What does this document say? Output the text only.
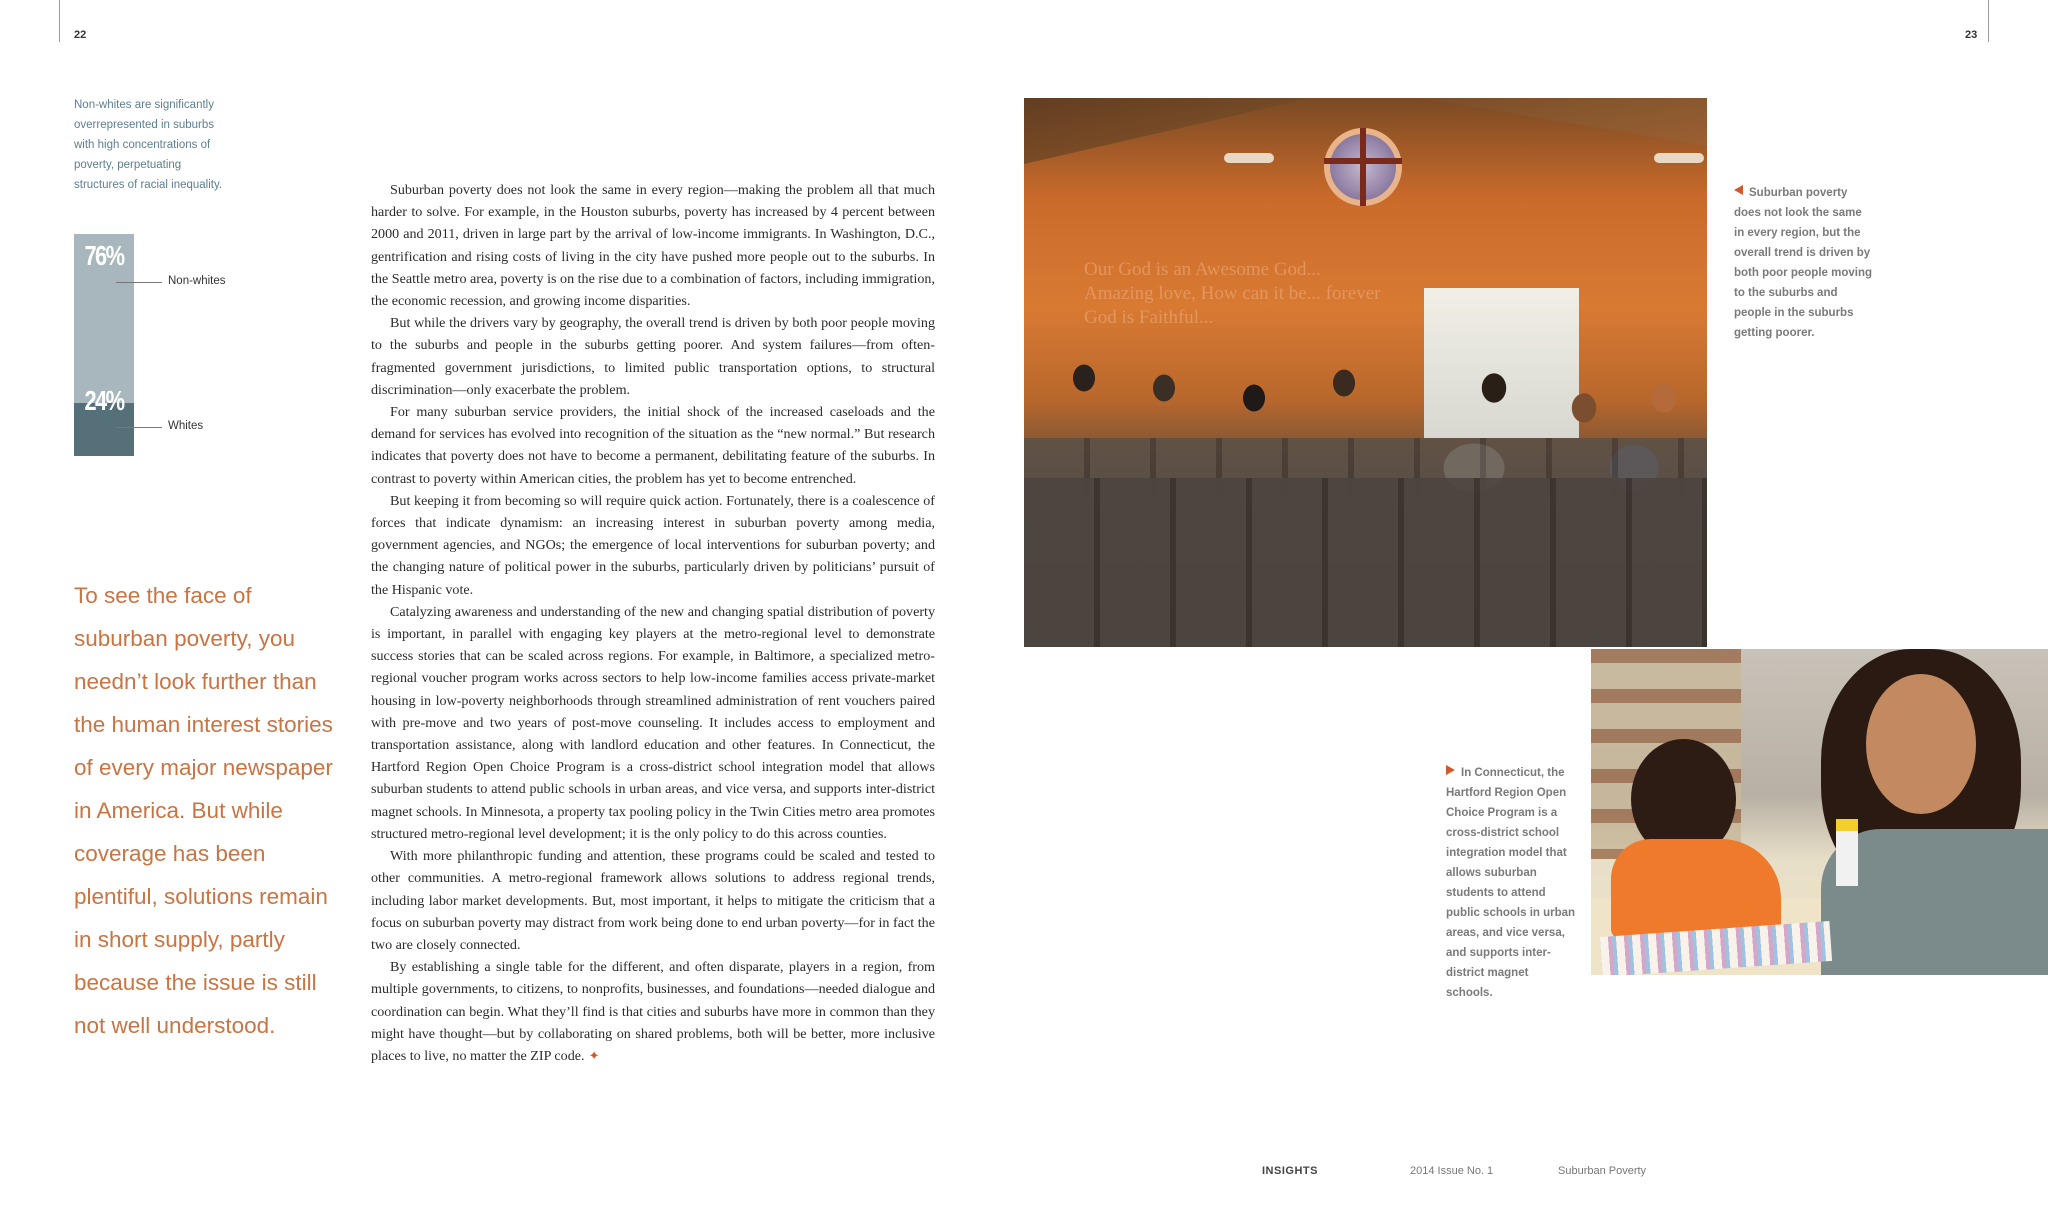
22	23
Non-whites are significantly overrepresented in suburbs with high concentrations of poverty, perpetuating structures of racial inequality.
76%
24%
Non-whites
Whites
To see the face of suburban poverty, you needn’t look further than the human interest stories of every major newspaper in America. But while coverage has been plentiful, solutions remain in short supply, partly because the issue is still not well understood.

Suburban poverty does not look the same in every region—making the problem all that much harder to solve. For example, in the Houston suburbs, poverty has increased by 4 percent between 2000 and 2011, driven in large part by the arrival of low-income immigrants. In Washington, D.C., gentrification and rising costs of living in the city have pushed more people out to the suburbs. In the Seattle metro area, poverty is on the rise due to a combination of factors, including immigration, the economic recession, and growing income disparities.

But while the drivers vary by geography, the overall trend is driven by both poor people moving to the suburbs and people in the suburbs getting poorer. And system failures—from often-fragmented government jurisdictions, to limited public transportation options, to structural discrimination—only exacerbate the problem.

For many suburban service providers, the initial shock of the increased caseloads and the demand for services has evolved into recognition of the situation as the “new normal.” But research indicates that poverty does not have to become a permanent, debilitating feature of the suburbs. In contrast to poverty within American cities, the problem has yet to become entrenched.

But keeping it from becoming so will require quick action. Fortunately, there is a coalescence of forces that indicate dynamism: an increasing interest in suburban poverty among media, government agencies, and NGOs; the emergence of local interventions for suburban poverty; and the changing nature of political power in the suburbs, particularly driven by politicians’ pursuit of the Hispanic vote.

Catalyzing awareness and understanding of the new and changing spatial distribution of poverty is important, in parallel with engaging key players at the metro-regional level to demonstrate success stories that can be scaled across regions. For example, in Baltimore, a specialized metro-regional voucher program works across sectors to help low-income families access private-market housing in low-poverty neighborhoods through streamlined administration of rent vouchers paired with pre-move and two years of post-move counseling. It includes access to employment and transportation assistance, along with landlord education and other features. In Connecticut, the Hartford Region Open Choice Program is a cross-district school integration model that allows suburban students to attend public schools in urban areas, and vice versa, and supports inter-district magnet schools. In Minnesota, a property tax pooling policy in the Twin Cities metro area promotes structured metro-regional level development; it is the only policy to do this across counties.

With more philanthropic funding and attention, these programs could be scaled and tested to other communities. A metro-regional framework allows solutions to address regional trends, including labor market developments. But, most important, it helps to mitigate the criticism that a focus on suburban poverty may distract from work being done to end urban poverty—for in fact the two are closely connected.

By establishing a single table for the different, and often disparate, players in a region, from multiple governments, to citizens, to nonprofits, businesses, and foundations—needed dialogue and coordination can begin. What they’ll find is that cities and suburbs have more in common than they might have thought—but by collaborating on shared problems, both will be better, more inclusive places to live, no matter the ZIP code. ✦

Our God is an Awesome God... Amazing love, How can it be... forever God is Faithful...
Suburban poverty does not look the same in every region, but the overall trend is driven by both poor people moving to the suburbs and people in the suburbs getting poorer.
In Connecticut, the Hartford Region Open Choice Program is a cross-district school integration model that allows suburban students to attend public schools in urban areas, and vice versa, and supports inter-district magnet schools.
INSIGHTS	2014 Issue No. 1	Suburban Poverty
